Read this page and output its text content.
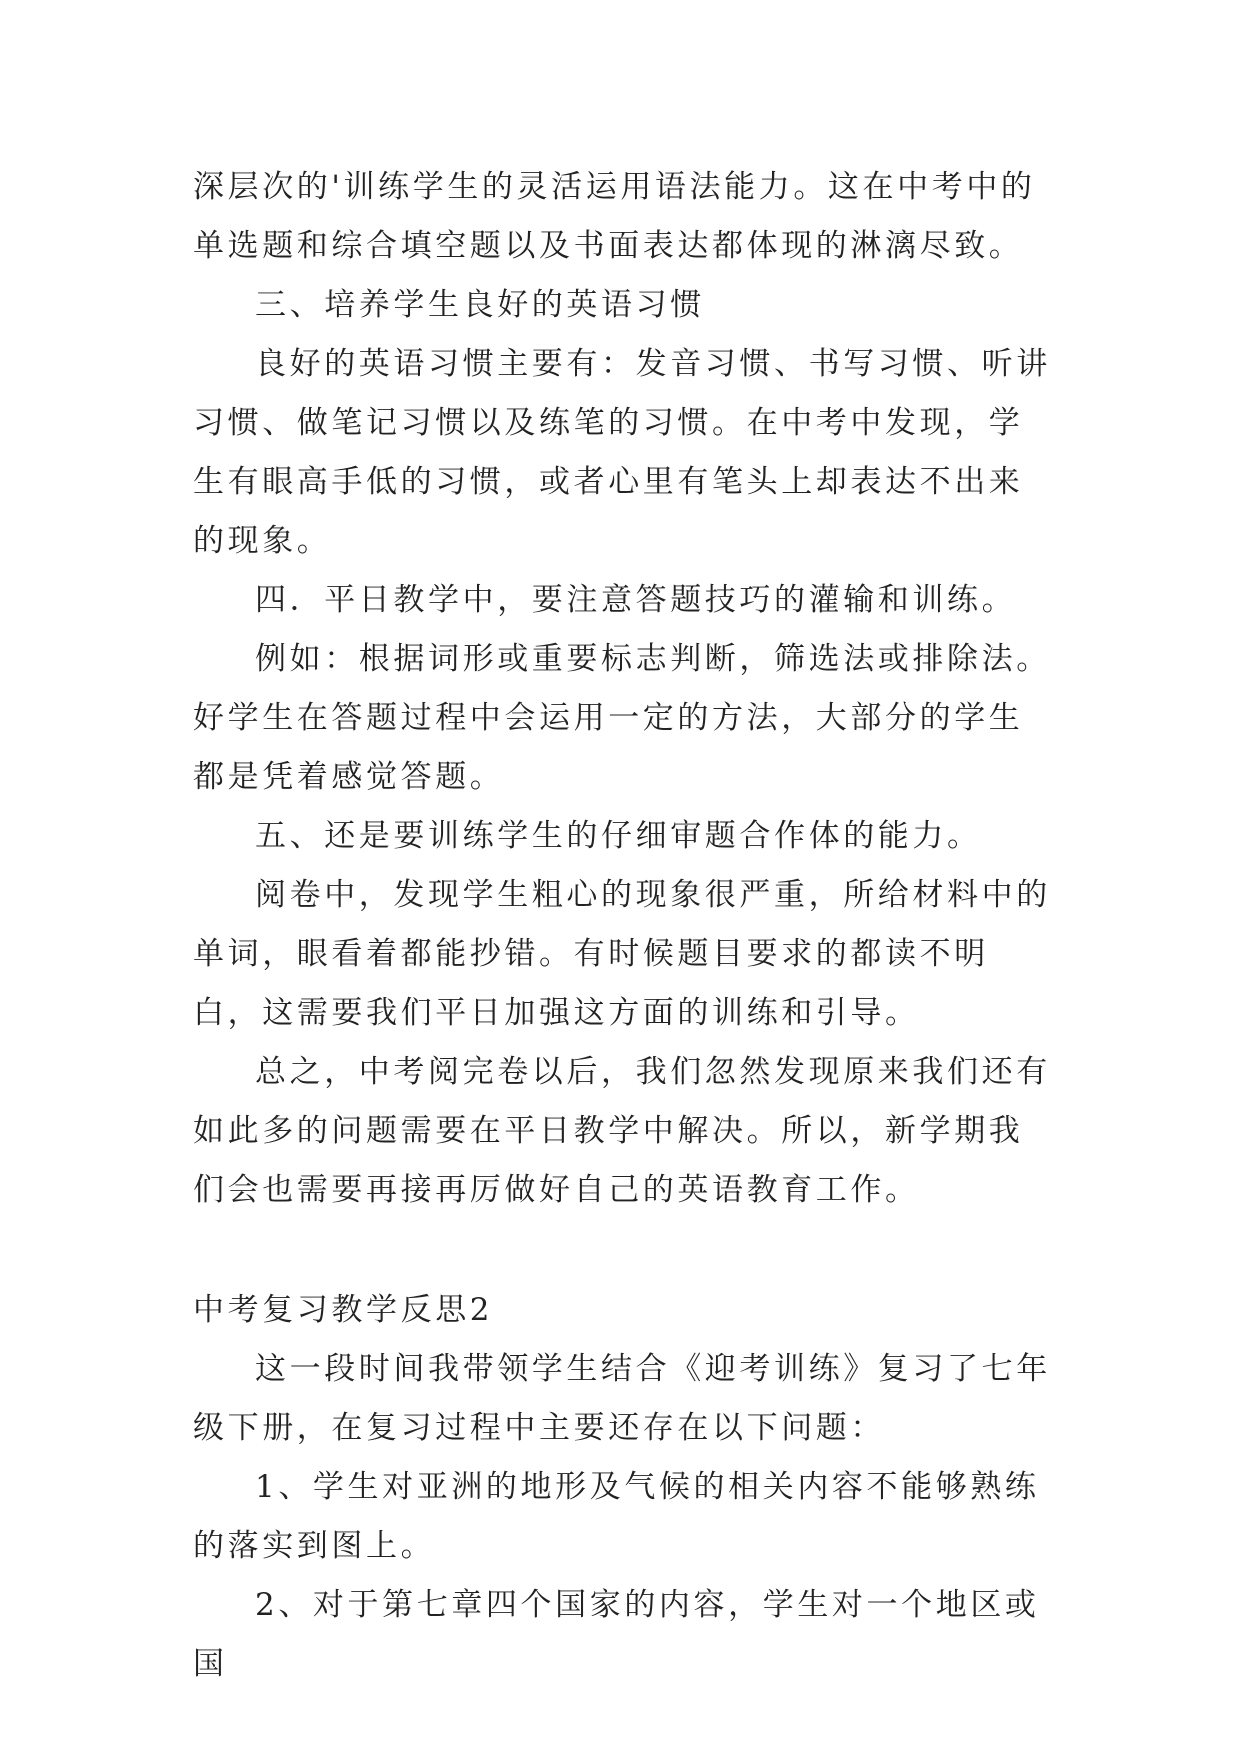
深层次的'训练学生的灵活运用语法能力。这在中考中的单选题和综合填空题以及书面表达都体现的淋漓尽致。

三、培养学生良好的英语习惯

良好的英语习惯主要有：发音习惯、书写习惯、听讲习惯、做笔记习惯以及练笔的习惯。在中考中发现，学生有眼高手低的习惯，或者心里有笔头上却表达不出来的现象。

四．平日教学中，要注意答题技巧的灌输和训练。

例如：根据词形或重要标志判断，筛选法或排除法。好学生在答题过程中会运用一定的方法，大部分的学生都是凭着感觉答题。

五、还是要训练学生的仔细审题合作体的能力。

阅卷中，发现学生粗心的现象很严重，所给材料中的单词，眼看着都能抄错。有时候题目要求的都读不明白，这需要我们平日加强这方面的训练和引导。

总之，中考阅完卷以后，我们忽然发现原来我们还有如此多的问题需要在平日教学中解决。所以，新学期我们会也需要再接再厉做好自己的英语教育工作。

中考复习教学反思2

这一段时间我带领学生结合《迎考训练》复习了七年级下册，在复习过程中主要还存在以下问题：

1、学生对亚洲的地形及气候的相关内容不能够熟练的落实到图上。

2、对于第七章四个国家的内容，学生对一个地区或国
